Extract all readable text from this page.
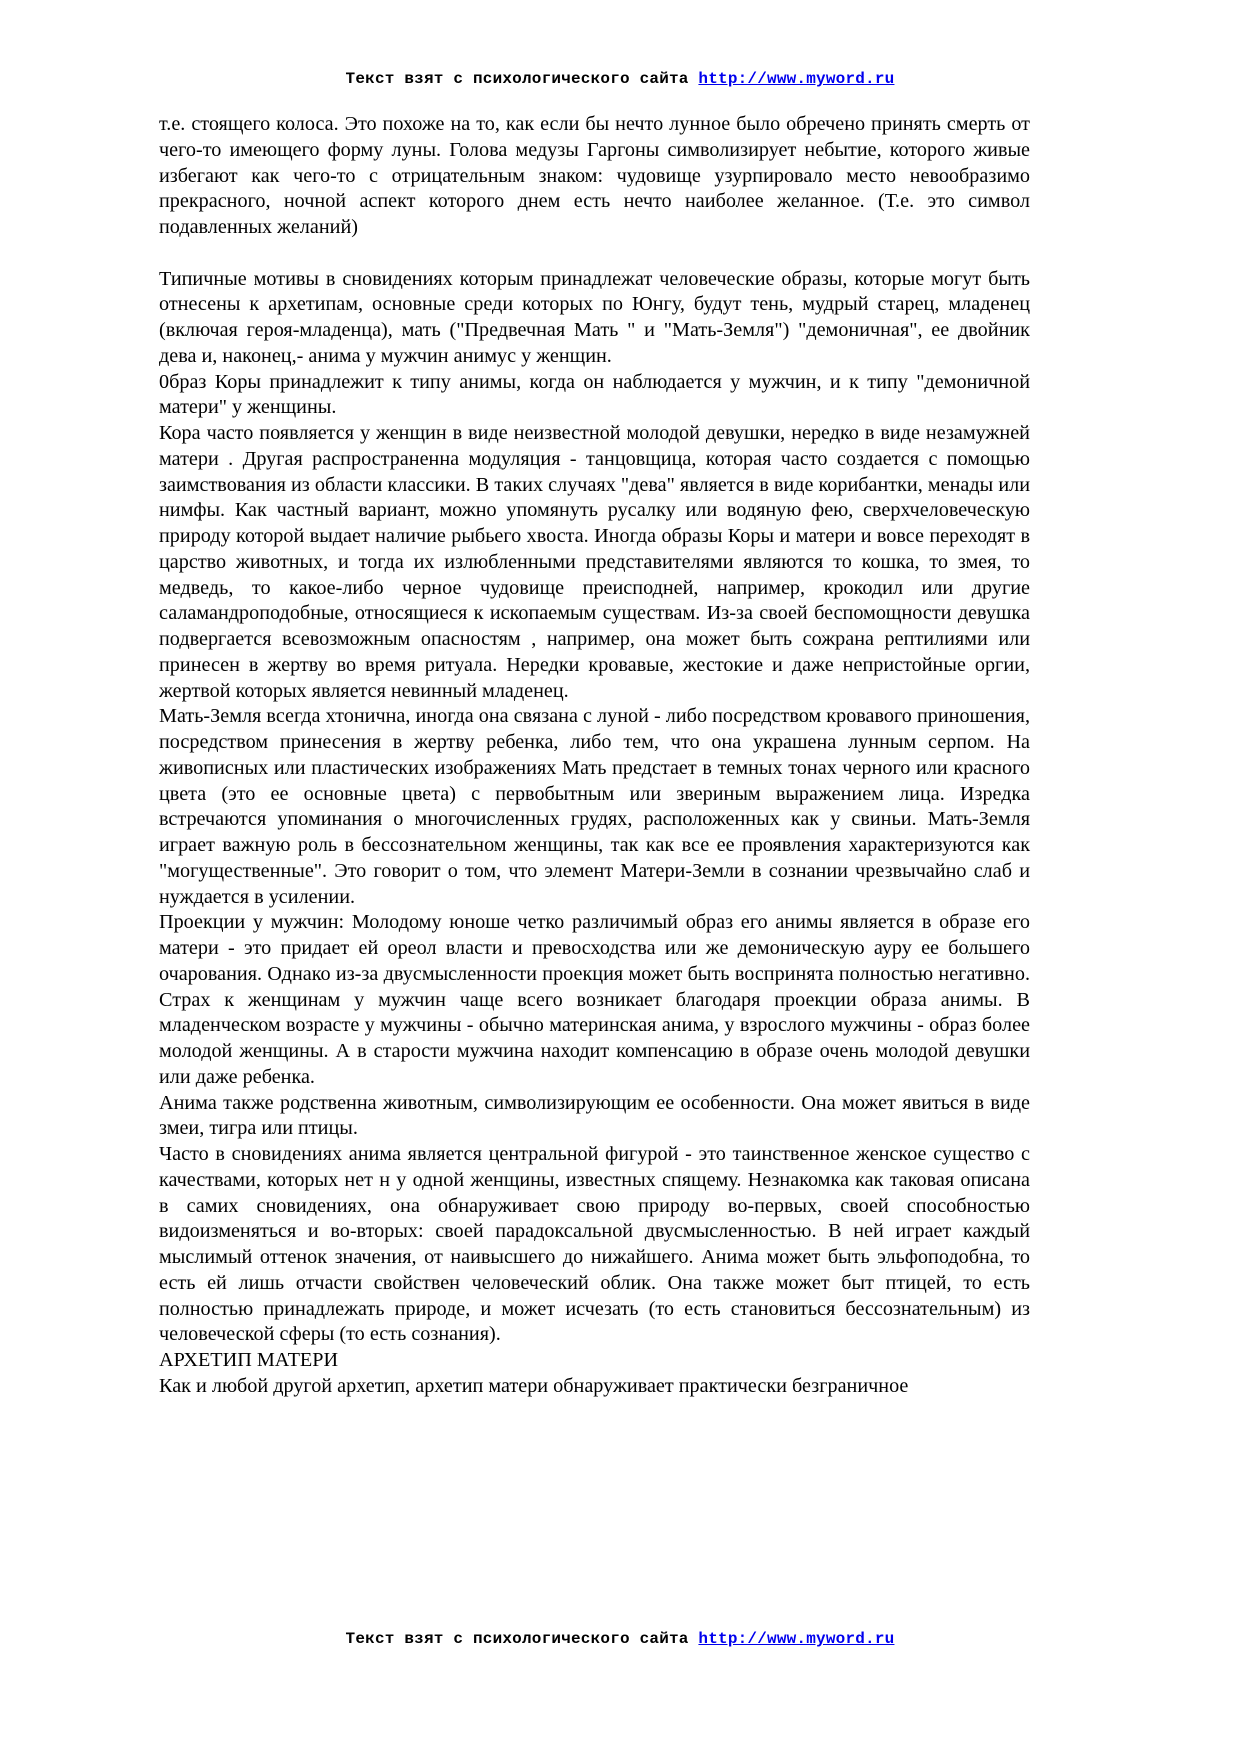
Текст взят с психологического сайта http://www.myword.ru

т.е. стоящего колоса. Это похоже на то, как если бы нечто лунное было обречено принять смерть от чего-то имеющего форму луны. Голова медузы Гаргоны символизирует небытие, которого живые избегают как чего-то с отрицательным знаком: чудовище узурпировало место невообразимо прекрасного, ночной аспект которого днем есть нечто наиболее желанное. (Т.е. это символ подавленных желаний)

Типичные мотивы в сновидениях которым принадлежат человеческие образы, которые могут быть отнесены к архетипам, основные среди которых по Юнгу, будут тень, мудрый старец, младенец (включая героя-младенца), мать ("Предвечная Мать " и "Мать-Земля") "демоничная", ее двойник дева и, наконец,- анима у мужчин анимус у женщин.

0браз Коры принадлежит к типу анимы, когда он наблюдается у мужчин, и к типу "демоничной матери" у женщины.

Кора часто появляется у женщин в виде неизвестной молодой девушки, нередко в виде незамужней матери . Другая распространенна модуляция - танцовщица, которая часто создается с помощью заимствования из области классики. В таких случаях "дева" является в виде корибантки, менады или нимфы. Как частный вариант, можно упомянуть русалку или водяную фею, сверхчеловеческую природу которой выдает наличие рыбьего хвоста. Иногда образы Коры и матери и вовсе переходят в царство животных, и тогда их излюбленными представителями являются то кошка, то змея, то медведь, то какое-либо черное чудовище преисподней, например, крокодил или другие саламандроподобные, относящиеся к ископаемым существам. Из-за своей беспомощности девушка подвергается всевозможным опасностям , например, она может быть сожрана рептилиями или принесен в жертву во время ритуала. Нередки кровавые, жестокие и даже непристойные оргии, жертвой которых является невинный младенец.

Мать-Земля всегда хтонична, иногда она связана с луной - либо посредством кровавого приношения, посредством принесения в жертву ребенка, либо тем, что она украшена лунным серпом. На живописных или пластических изображениях Мать предстает в темных тонах черного или красного цвета (это ее основные цвета) с первобытным или звериным выражением лица. Изредка встречаются упоминания о многочисленных грудях, расположенных как у свиньи. Мать-Земля играет важную роль в бессознательном женщины, так как все ее проявления характеризуются как "могущественные". Это говорит о том, что элемент Матери-Земли в сознании чрезвычайно слаб и нуждается в усилении.

Проекции у мужчин: Молодому юноше четко различимый образ его анимы является в образе его матери - это придает ей ореол власти и превосходства или же демоническую ауру ее большего очарования. Однако из-за двусмысленности проекция может быть воспринята полностью негативно. Страх к женщинам у мужчин чаще всего возникает благодаря проекции образа анимы. В младенческом возрасте у мужчины - обычно материнская анима, у взрослого мужчины - образ более молодой женщины. А в старости мужчина находит компенсацию в образе очень молодой девушки или даже ребенка.

Анима также родственна животным, символизирующим ее особенности. Она может явиться в виде змеи, тигра или птицы.

Часто в сновидениях анима является центральной фигурой - это таинственное женское существо с качествами, которых нет н у одной женщины, известных спящему. Незнакомка как таковая описана в самих сновидениях, она обнаруживает свою природу во-первых, своей способностью видоизменяться и во-вторых: своей парадоксальной двусмысленностью. В ней играет каждый мыслимый оттенок значения, от наивысшего до нижайшего. Анима может быть эльфоподобна, то есть ей лишь отчасти свойствен человеческий облик. Она также может быт птицей, то есть полностью принадлежать природе, и может исчезать (то есть становиться бессознательным) из человеческой сферы (то есть сознания).

АРХЕТИП МАТЕРИ

Как и любой другой архетип, архетип матери обнаруживает практически безграничное

Текст взят с психологического сайта http://www.myword.ru
